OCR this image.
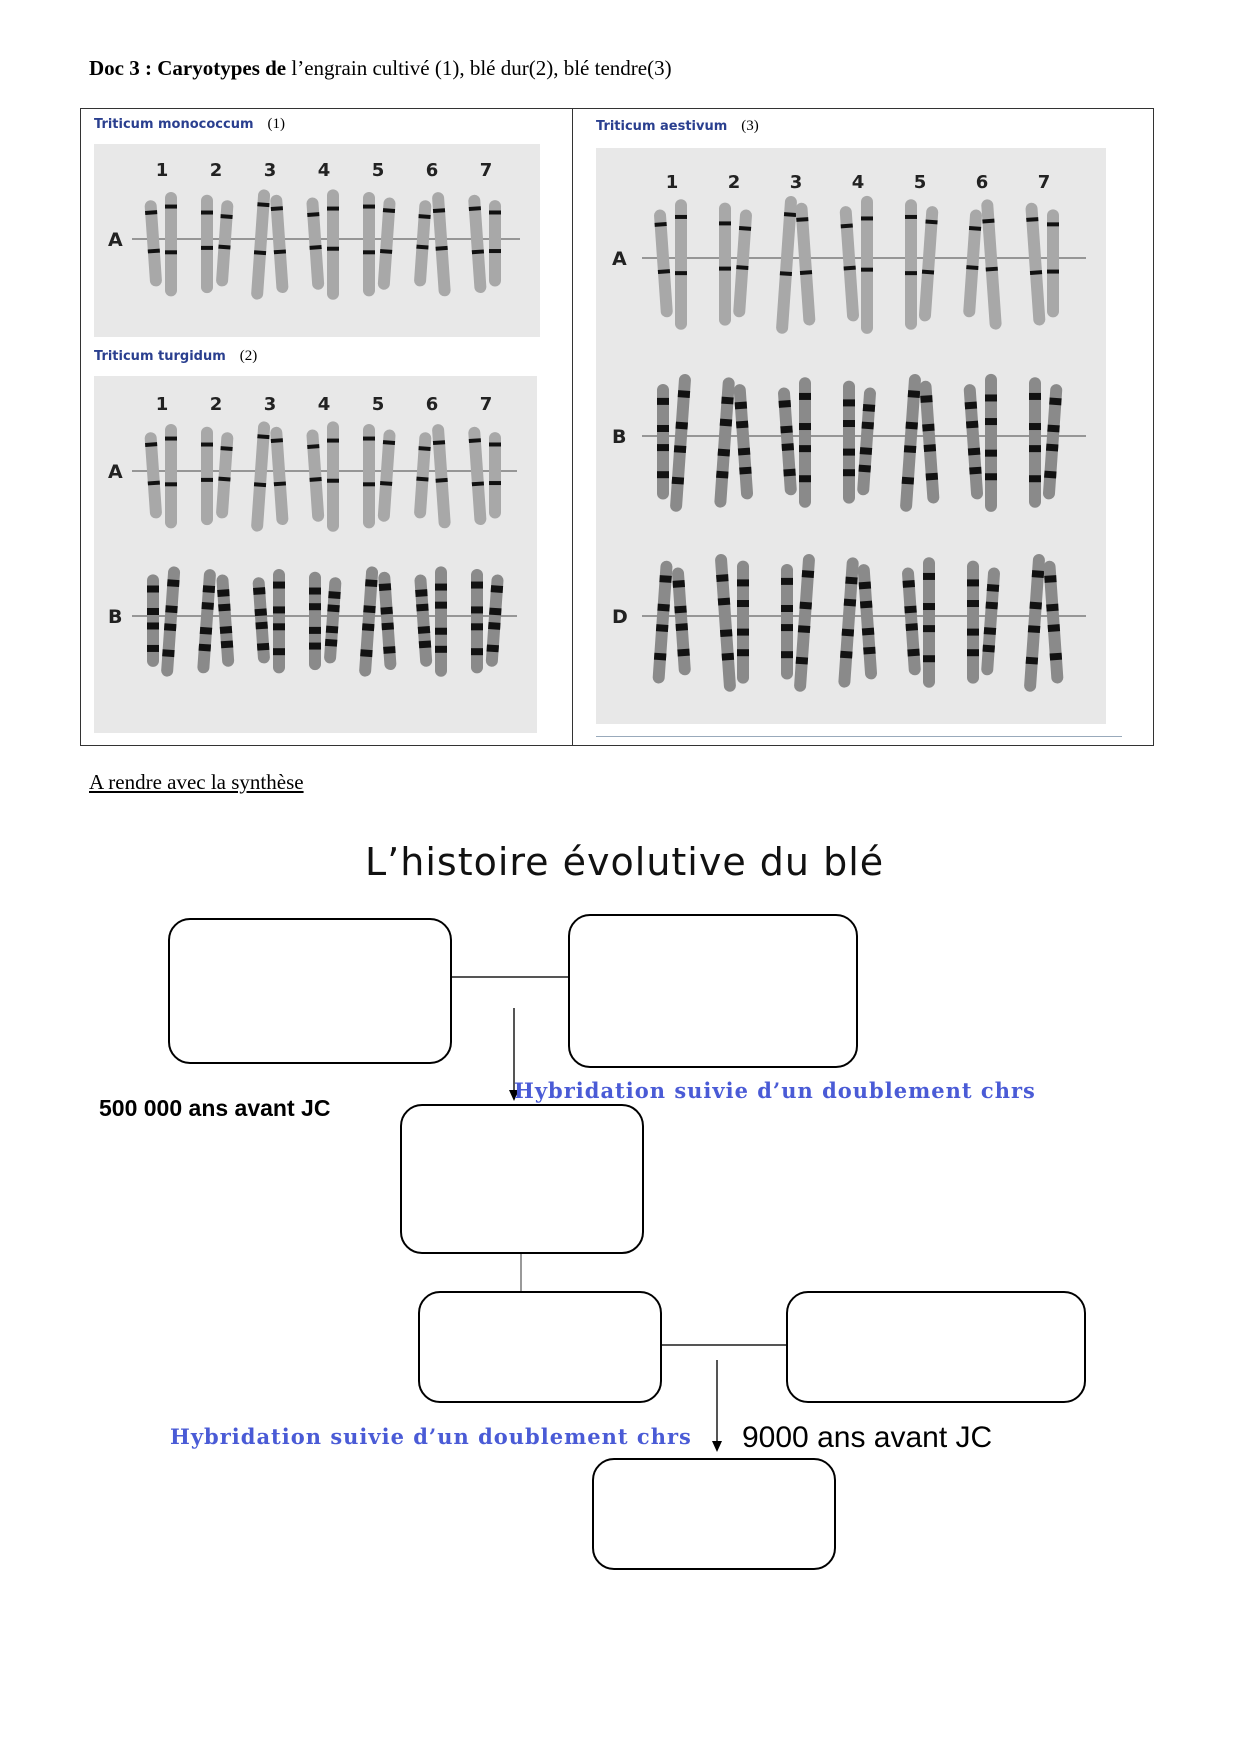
Doc 3 : Caryotypes de l’engrain cultivé (1), blé dur(2), blé tendre(3)
Triticum monococcum (1)
1 2 3 4 5 6 7
A
Triticum turgidum (2)
1 2 3 4 5 6 7
A
B
Triticum aestivum (3)
1	2	3	4	5	6	7
A
B
D
A rendre avec la synthèse
L’histoire évolutive du blé
Hybridation suivie d’un doublement chrs
500 000 ans avant JC
Hybridation suivie d’un doublement chrs 9000 ans avant JC
